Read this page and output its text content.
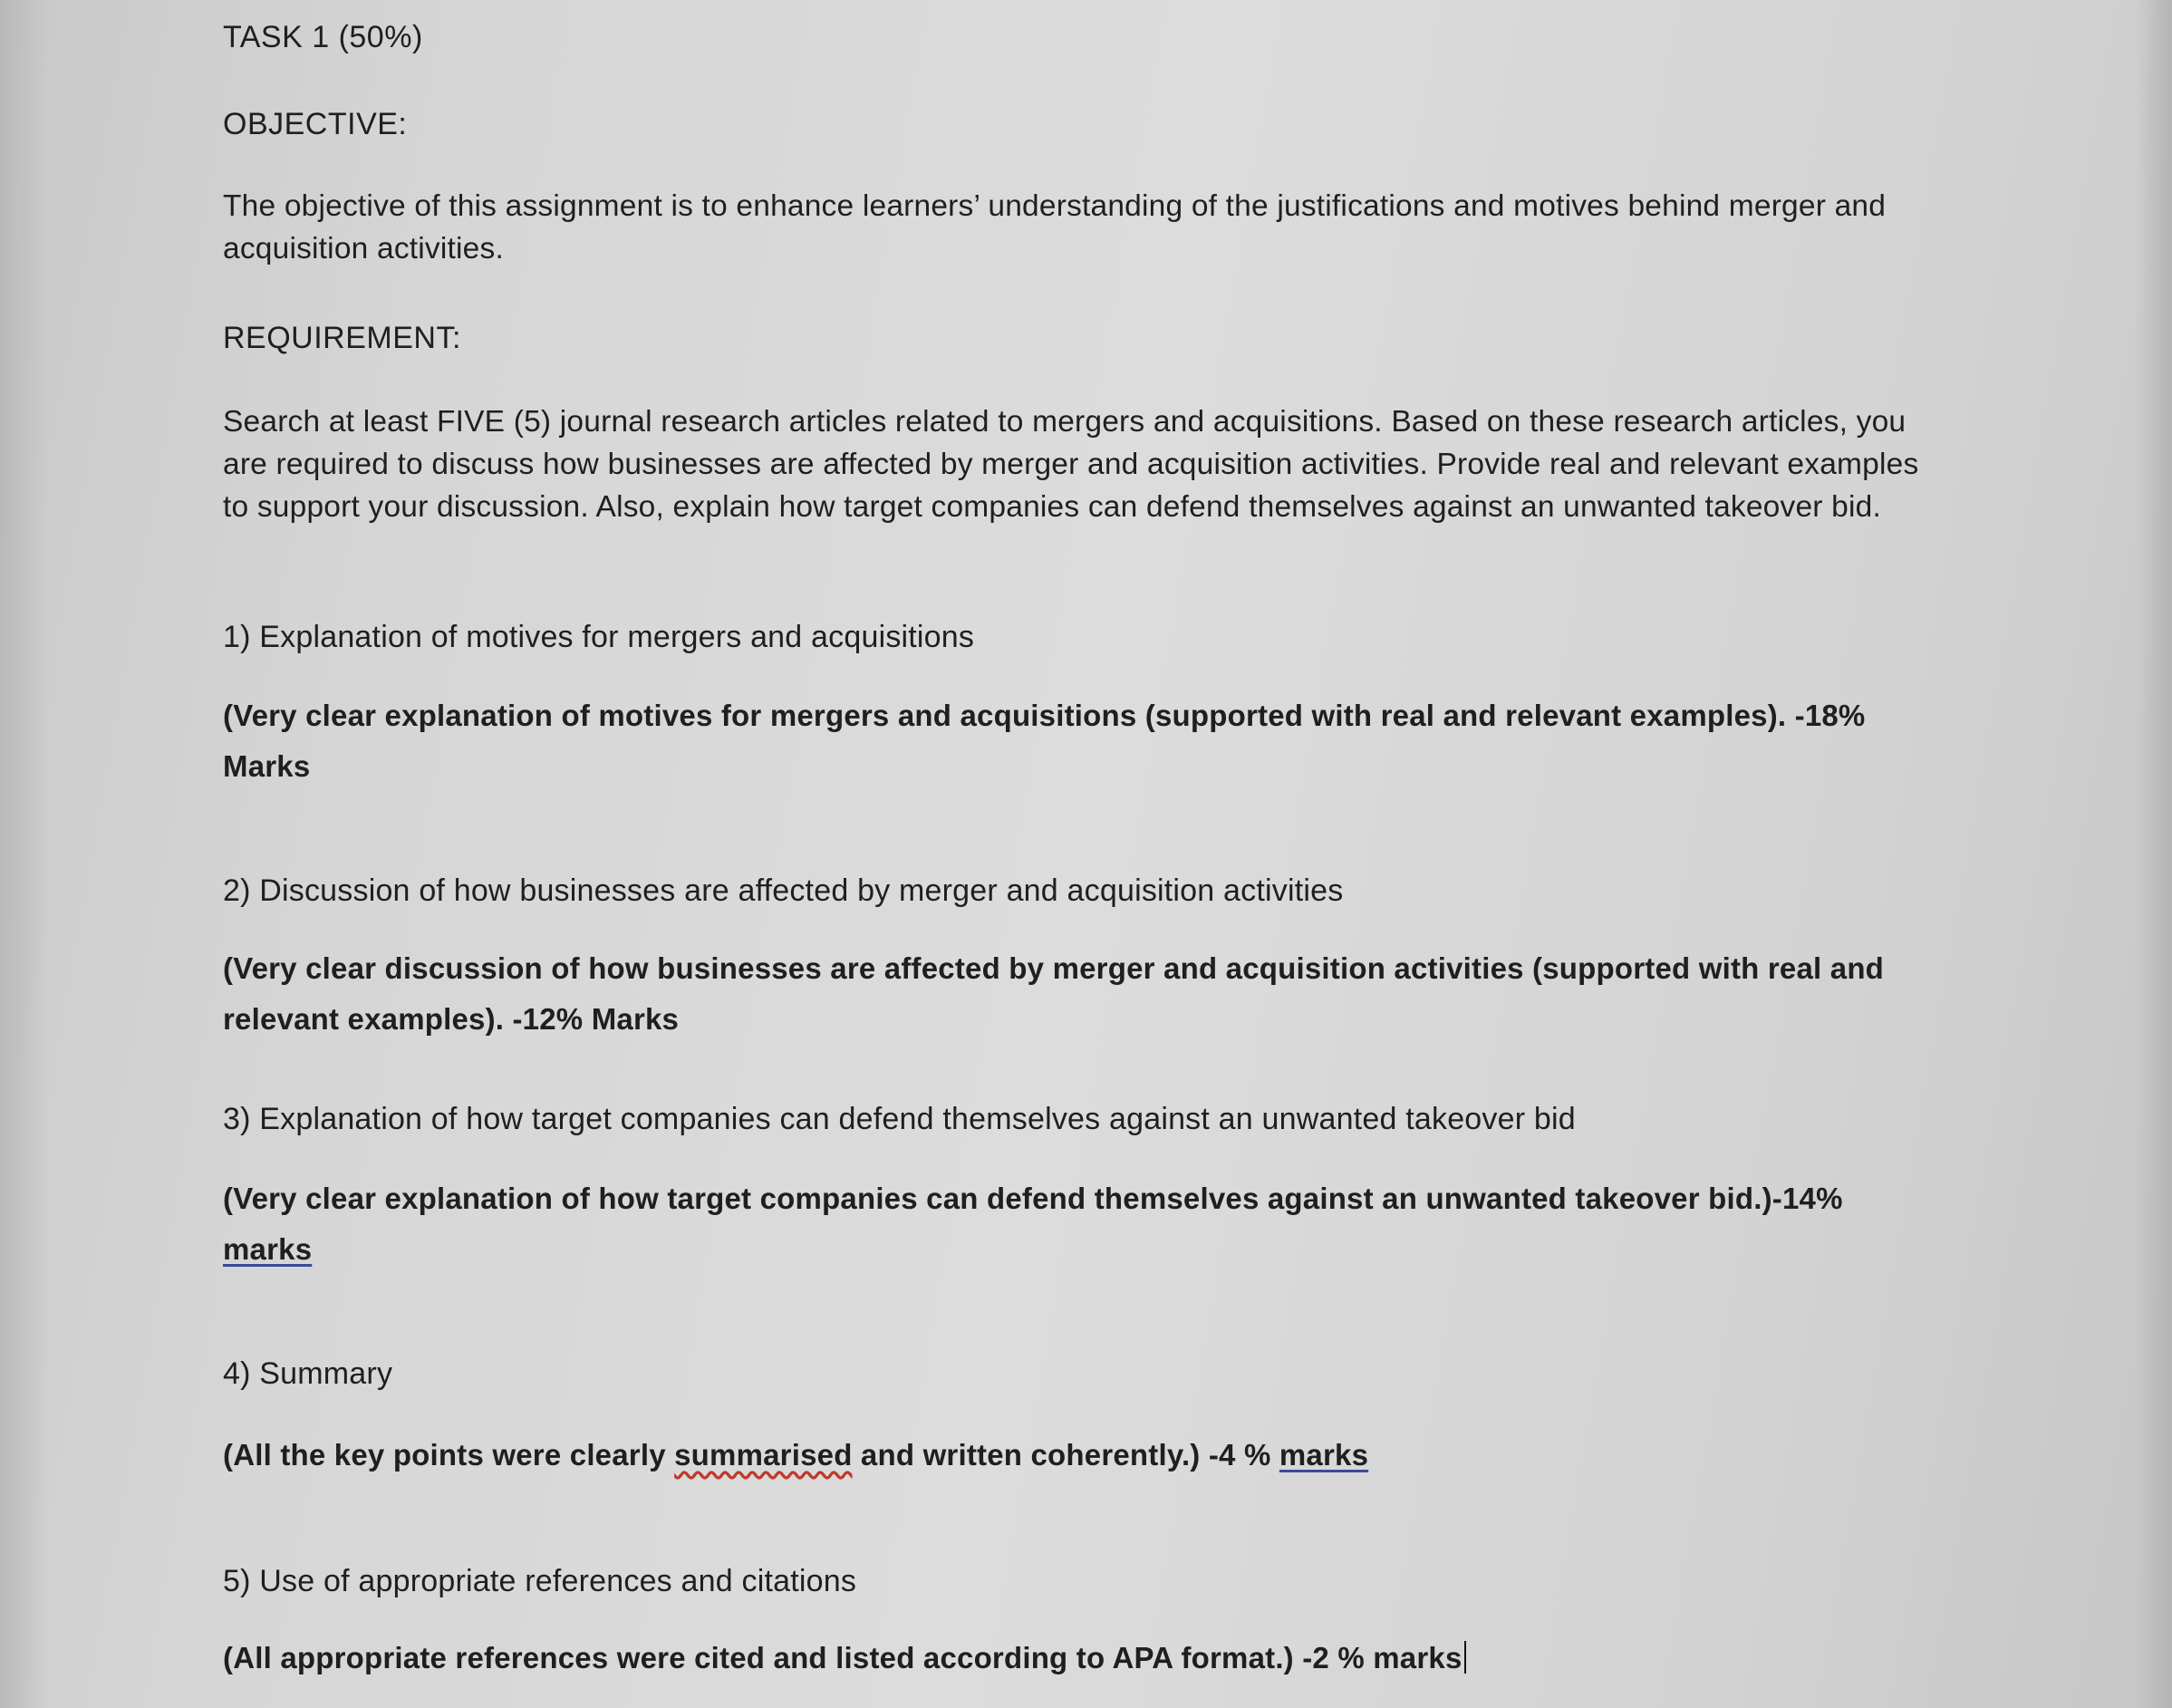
TASK 1 (50%)

OBJECTIVE:

The objective of this assignment is to enhance learners’ understanding of the justifications and motives behind merger and acquisition activities.

REQUIREMENT:

Search at least FIVE (5) journal research articles related to mergers and acquisitions. Based on these research articles, you are required to discuss how businesses are affected by merger and acquisition activities. Provide real and relevant examples to support your discussion. Also, explain how target companies can defend themselves against an unwanted takeover bid.

1) Explanation of motives for mergers and acquisitions

(Very clear explanation of motives for mergers and acquisitions (supported with real and relevant examples). -18% Marks

2) Discussion of how businesses are affected by merger and acquisition activities

(Very clear discussion of how businesses are affected by merger and acquisition activities (supported with real and relevant examples). -12% Marks

3) Explanation of how target companies can defend themselves against an unwanted takeover bid

(Very clear explanation of how target companies can defend themselves against an unwanted takeover bid.)-14% marks

4) Summary

(All the key points were clearly summarised and written coherently.) -4 % marks

5) Use of appropriate references and citations

(All appropriate references were cited and listed according to APA format.) -2 % marks
